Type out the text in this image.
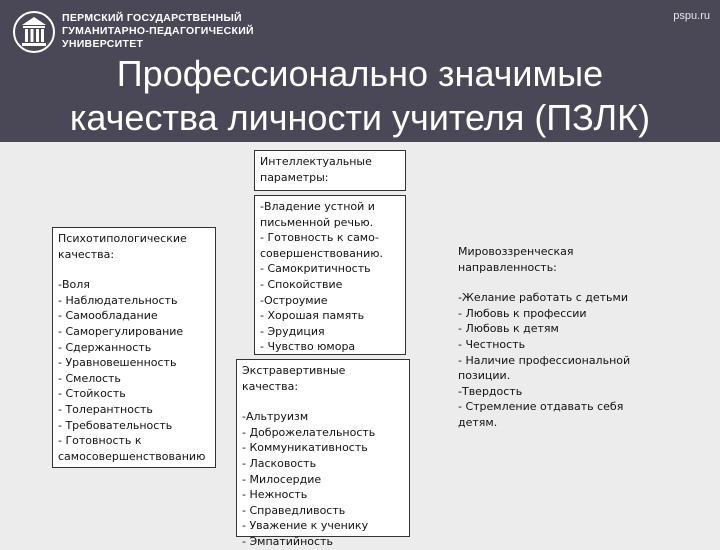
ПЕРМСКИЙ ГОСУДАРСТВЕННЫЙ
ГУМАНИТАРНО-ПЕДАГОГИЧЕСКИЙ
УНИВЕРСИТЕТ
pspu.ru
Профессионально значимые
качества личности учителя (ПЗЛК)
Интеллектуальные
параметры:
-Владение устной и
письменной речью.
- Готовность к само-
совершенствованию.
- Самокритичность
- Спокойствие
-Остроумие
- Хорошая память
- Эрудиция
- Чувство юмора
Психотипологические
качества:
-Воля
- Наблюдательность
- Самообладание
- Саморегулирование
- Сдержанность
- Уравновешенность
- Смелость
- Стойкость
- Толерантность
- Требовательность
- Готовность к
самосовершенствованию
Мировоззренческая
направленность:
-Желание работать с детьми
- Любовь к профессии
- Любовь к детям
- Честность
- Наличие профессиональной
позиции.
-Твердость
- Стремление отдавать себя
детям.
Экстравертивные качества:
-Альтруизм
- Доброжелательность
- Коммуникативность
- Ласковость
- Милосердие
- Нежность
- Справедливость
- Уважение к ученику
- Эмпатийность
